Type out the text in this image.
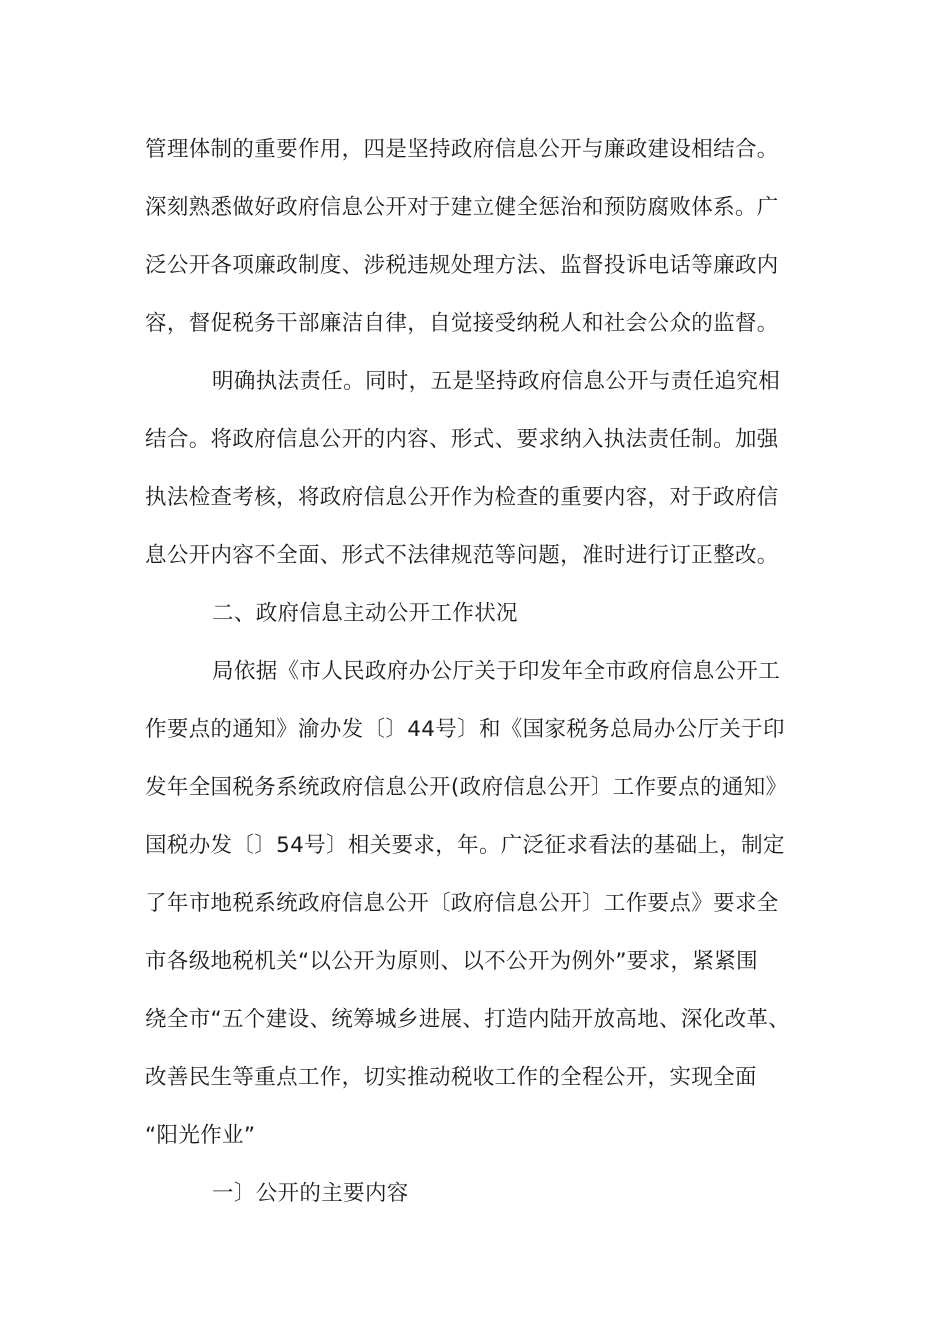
管理体制的重要作用，四是坚持政府信息公开与廉政建设相结合。
深刻熟悉做好政府信息公开对于建立健全惩治和预防腐败体系。广
泛公开各项廉政制度、涉税违规处理方法、监督投诉电话等廉政内
容，督促税务干部廉洁自律，自觉接受纳税人和社会公众的监督。
明确执法责任。同时，五是坚持政府信息公开与责任追究相
结合。将政府信息公开的内容、形式、要求纳入执法责任制。加强
执法检查考核，将政府信息公开作为检查的重要内容，对于政府信
息公开内容不全面、形式不法律规范等问题，准时进行订正整改。
二、政府信息主动公开工作状况
局依据《市人民政府办公厅关于印发年全市政府信息公开工
作要点的通知》渝办发〔〕44号〕和《国家税务总局办公厅关于印
发年全国税务系统政府信息公开(政府信息公开〕工作要点的通知》
国税办发〔〕54号〕相关要求，年。广泛征求看法的基础上，制定
了年市地税系统政府信息公开〔政府信息公开〕工作要点》要求全
市各级地税机关“以公开为原则、以不公开为例外”要求，紧紧围
绕全市“五个建设、统筹城乡进展、打造内陆开放高地、深化改革、
改善民生等重点工作，切实推动税收工作的全程公开，实现全面
“阳光作业”
一〕公开的主要内容
